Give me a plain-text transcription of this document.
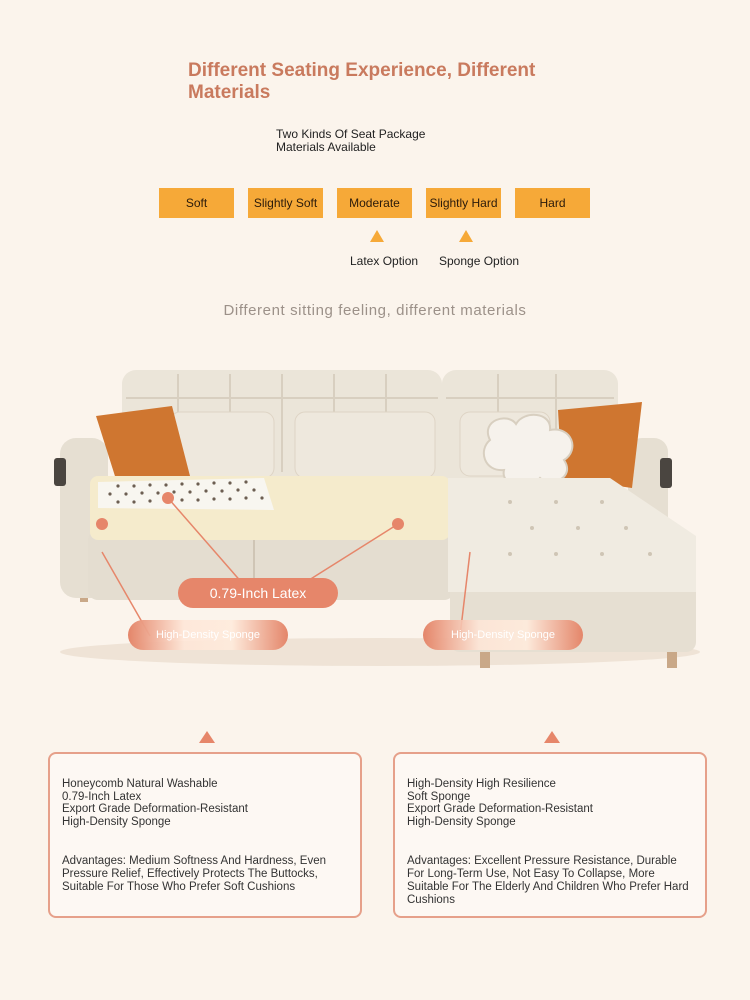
Different Seating Experience, Different Materials
Two Kinds Of Seat Package
Materials Available
Soft	Slightly Soft	Moderate	Slightly Hard	Hard
Latex Option Sponge Option
Different sitting feeling, different materials
0.79-Inch Latex
High-Density Sponge	High-Density Sponge
Honeycomb Natural Washable
0.79-Inch Latex
Export Grade Deformation-Resistant
High-Density Sponge
Advantages: Medium Softness And Hardness, Even Pressure Relief, Effectively Protects The Buttocks, Suitable For Those Who Prefer Soft Cushions
High-Density High Resilience
Soft Sponge
Export Grade Deformation-Resistant
High-Density Sponge
Advantages: Excellent Pressure Resistance, Durable For Long-Term Use, Not Easy To Collapse, More Suitable For The Elderly And Children Who Prefer Hard Cushions
